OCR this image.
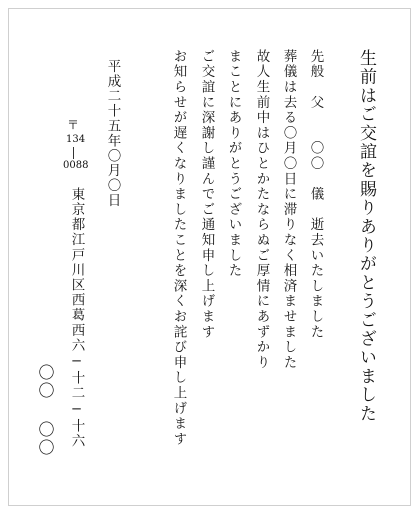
生前はご交誼を賜りありがとうございました
先般　父　　〇〇　儀　逝去いたしました
葬儀は去る〇月〇日に滞りなく相済ませました
故人生前中はひとかたならぬご厚情にあずかり
まことにありがとうございました
ご交誼に深謝し謹んでご通知申し上げます
お知らせが遅くなりましたことを深くお詫び申し上げます
平成二十五年〇月〇日
〒
134
0088
東京都江戸川区西葛西六−十二−十六
〇〇
〇〇
